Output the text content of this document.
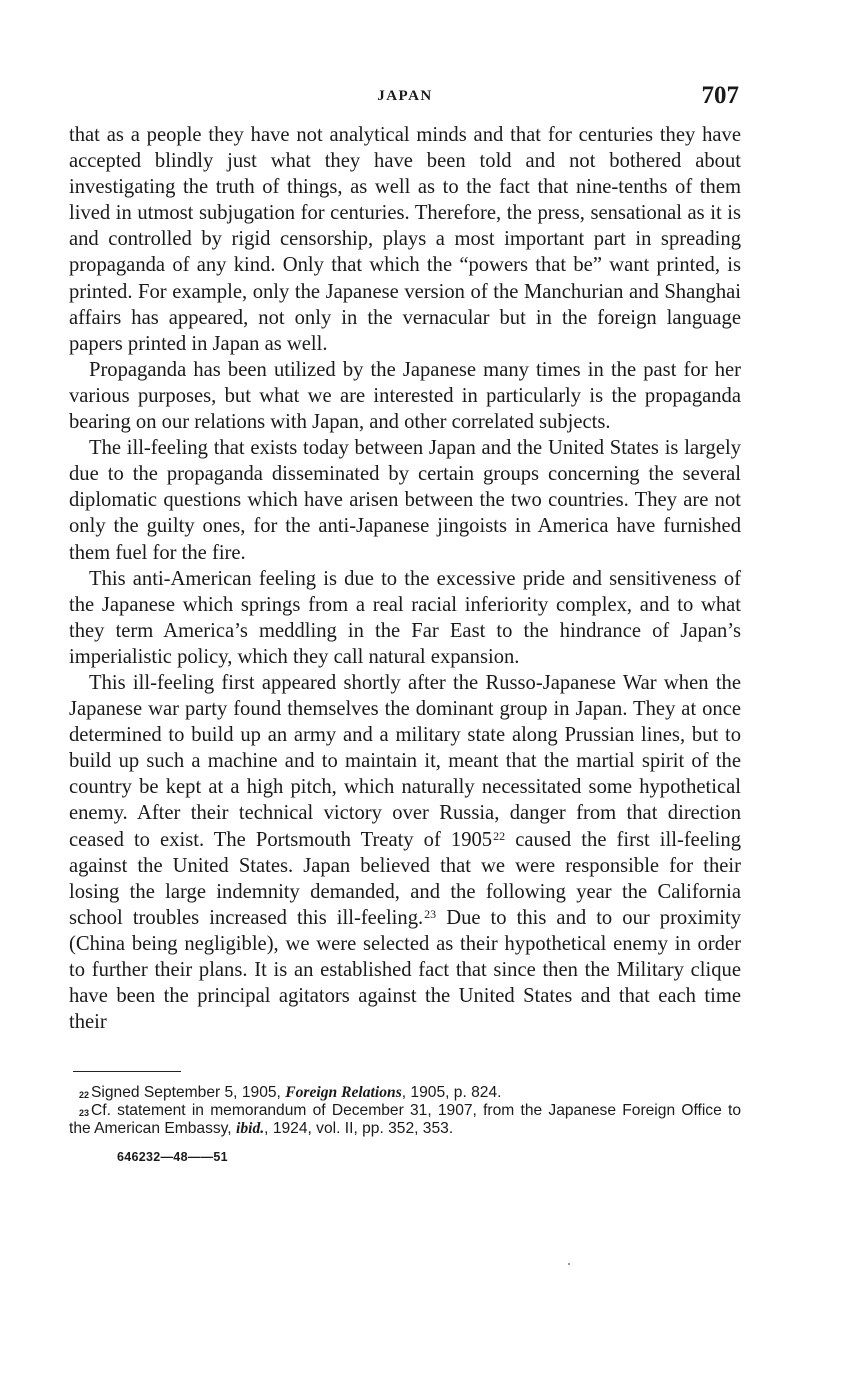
JAPAN	707

that as a people they have not analytical minds and that for centuries they have accepted blindly just what they have been told and not bothered about investigating the truth of things, as well as to the fact that nine-tenths of them lived in utmost subjugation for centuries. Therefore, the press, sensational as it is and controlled by rigid censorship, plays a most important part in spreading propaganda of any kind. Only that which the “powers that be” want printed, is printed. For example, only the Japanese version of the Manchurian and Shanghai affairs has appeared, not only in the vernacular but in the foreign language papers printed in Japan as well.

Propaganda has been utilized by the Japanese many times in the past for her various purposes, but what we are interested in particularly is the propaganda bearing on our relations with Japan, and other correlated subjects.

The ill-feeling that exists today between Japan and the United States is largely due to the propaganda disseminated by certain groups concerning the several diplomatic questions which have arisen between the two countries. They are not only the guilty ones, for the anti-Japanese jingoists in America have furnished them fuel for the fire.

This anti-American feeling is due to the excessive pride and sensitiveness of the Japanese which springs from a real racial inferiority complex, and to what they term America’s meddling in the Far East to the hindrance of Japan’s imperialistic policy, which they call natural expansion.

This ill-feeling first appeared shortly after the Russo-Japanese War when the Japanese war party found themselves the dominant group in Japan. They at once determined to build up an army and a military state along Prussian lines, but to build up such a machine and to maintain it, meant that the martial spirit of the country be kept at a high pitch, which naturally necessitated some hypothetical enemy. After their technical victory over Russia, danger from that direction ceased to exist. The Portsmouth Treaty of 1905$^{22}$ caused the first ill-feeling against the United States. Japan believed that we were responsible for their losing the large indemnity demanded, and the following year the California school troubles increased this ill-feeling.$^{23}$ Due to this and to our proximity (China being negligible), we were selected as their hypothetical enemy in order to further their plans. It is an established fact that since then the Military clique have been the principal agitators against the United States and that each time their

$^{22}$ Signed September 5, 1905, Foreign Relations, 1905, p. 824.

$^{23}$ Cf. statement in memorandum of December 31, 1907, from the Japanese Foreign Office to the American Embassy, ibid., 1924, vol. II, pp. 352, 353.

646232—48——51
